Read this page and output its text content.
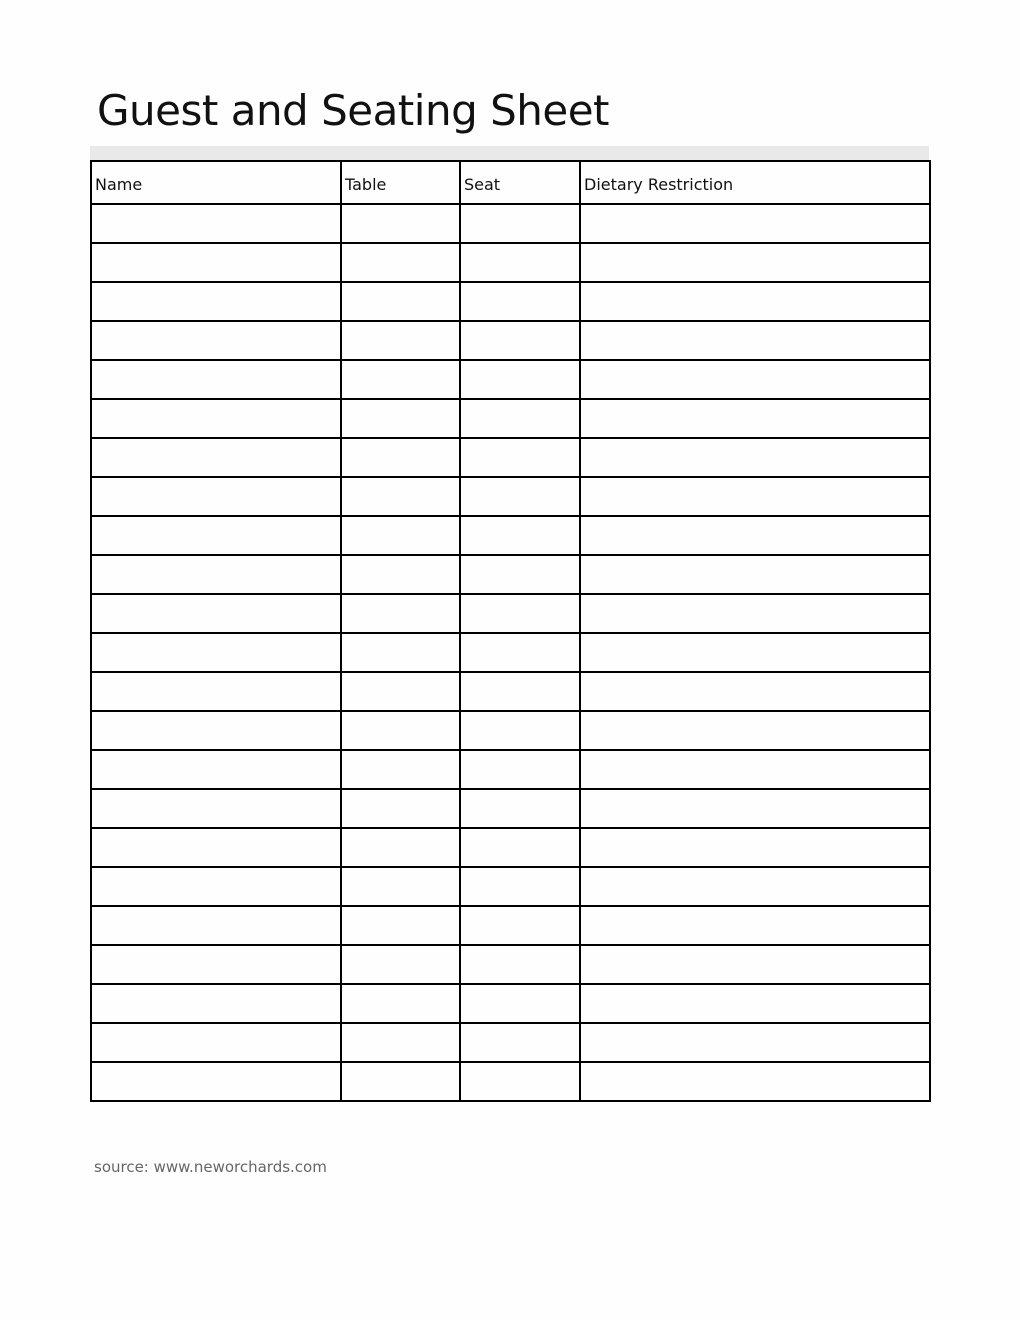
Guest and Seating Sheet
Name	Table	Seat	Dietary Restriction

source: www.neworchards.com
